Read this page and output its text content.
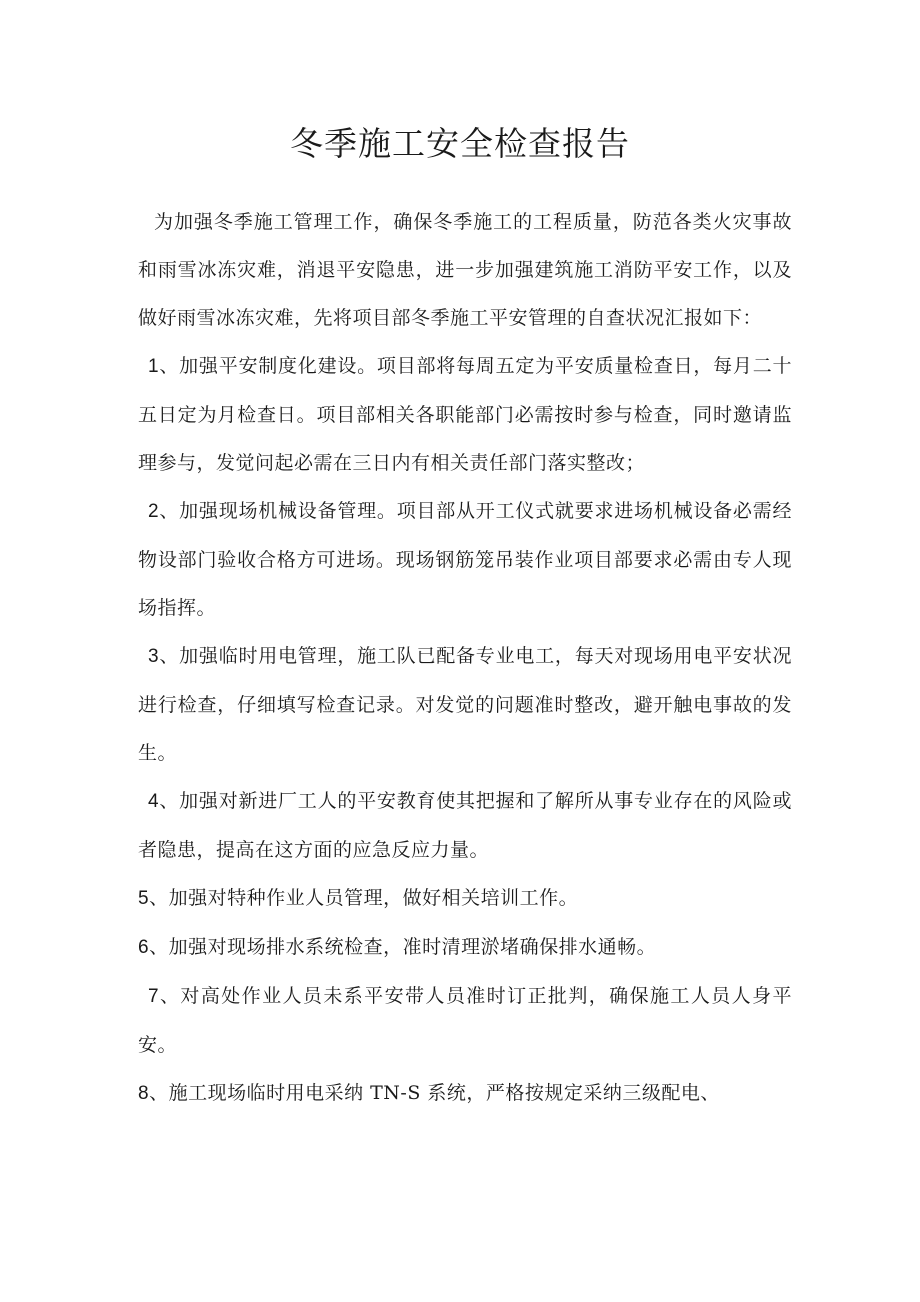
冬季施工安全检查报告

为加强冬季施工管理工作，确保冬季施工的工程质量，防范各类火灾事故和雨雪冰冻灾难，消退平安隐患，进一步加强建筑施工消防平安工作，以及做好雨雪冰冻灾难，先将项目部冬季施工平安管理的自查状况汇报如下：

1、加强平安制度化建设。项目部将每周五定为平安质量检查日，每月二十五日定为月检查日。项目部相关各职能部门必需按时参与检查，同时邀请监理参与，发觉问起必需在三日内有相关责任部门落实整改；

2、加强现场机械设备管理。项目部从开工仪式就要求进场机械设备必需经物设部门验收合格方可进场。现场钢筋笼吊装作业项目部要求必需由专人现场指挥。

3、加强临时用电管理，施工队已配备专业电工，每天对现场用电平安状况进行检查，仔细填写检查记录。对发觉的问题准时整改，避开触电事故的发生。

4、加强对新进厂工人的平安教育使其把握和了解所从事专业存在的风险或者隐患，提高在这方面的应急反应力量。

5、加强对特种作业人员管理，做好相关培训工作。

6、加强对现场排水系统检查，准时清理淤堵确保排水通畅。

7、对高处作业人员未系平安带人员准时订正批判，确保施工人员人身平安。

8、施工现场临时用电采纳 TN-S 系统，严格按规定采纳三级配电、
